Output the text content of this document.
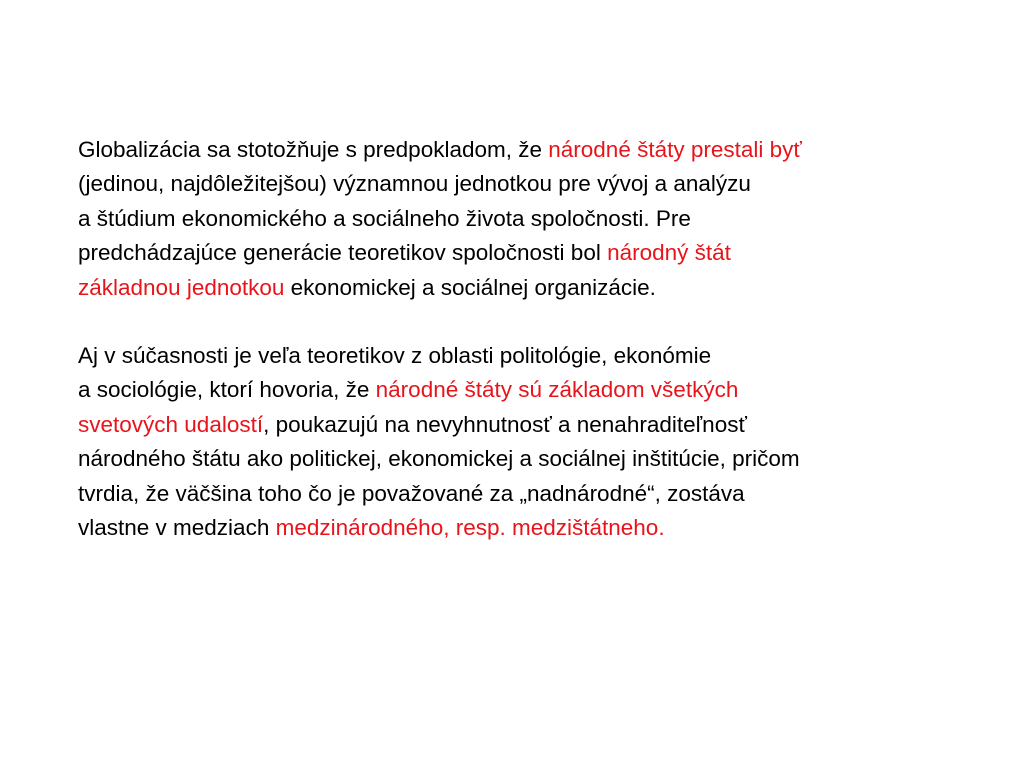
Globalizácia sa stotožňuje s predpokladom, že národné štáty prestali byť
(jedinou, najdôležitejšou) významnou jednotkou pre vývoj a analýzu
a štúdium ekonomického a sociálneho života spoločnosti. Pre
predchádzajúce generácie teoretikov spoločnosti bol národný štát
základnou jednotkou ekonomickej a sociálnej organizácie.

Aj v súčasnosti je veľa teoretikov z oblasti politológie, ekonómie
a sociológie, ktorí hovoria, že národné štáty sú základom všetkých
svetových udalostí, poukazujú na nevyhnutnosť a nenahraditeľnosť
národného štátu ako politickej, ekonomickej a sociálnej inštitúcie, pričom
tvrdia, že väčšina toho čo je považované za „nadnárodné“, zostáva
vlastne v medziach medzinárodného, resp. medzištátneho.
